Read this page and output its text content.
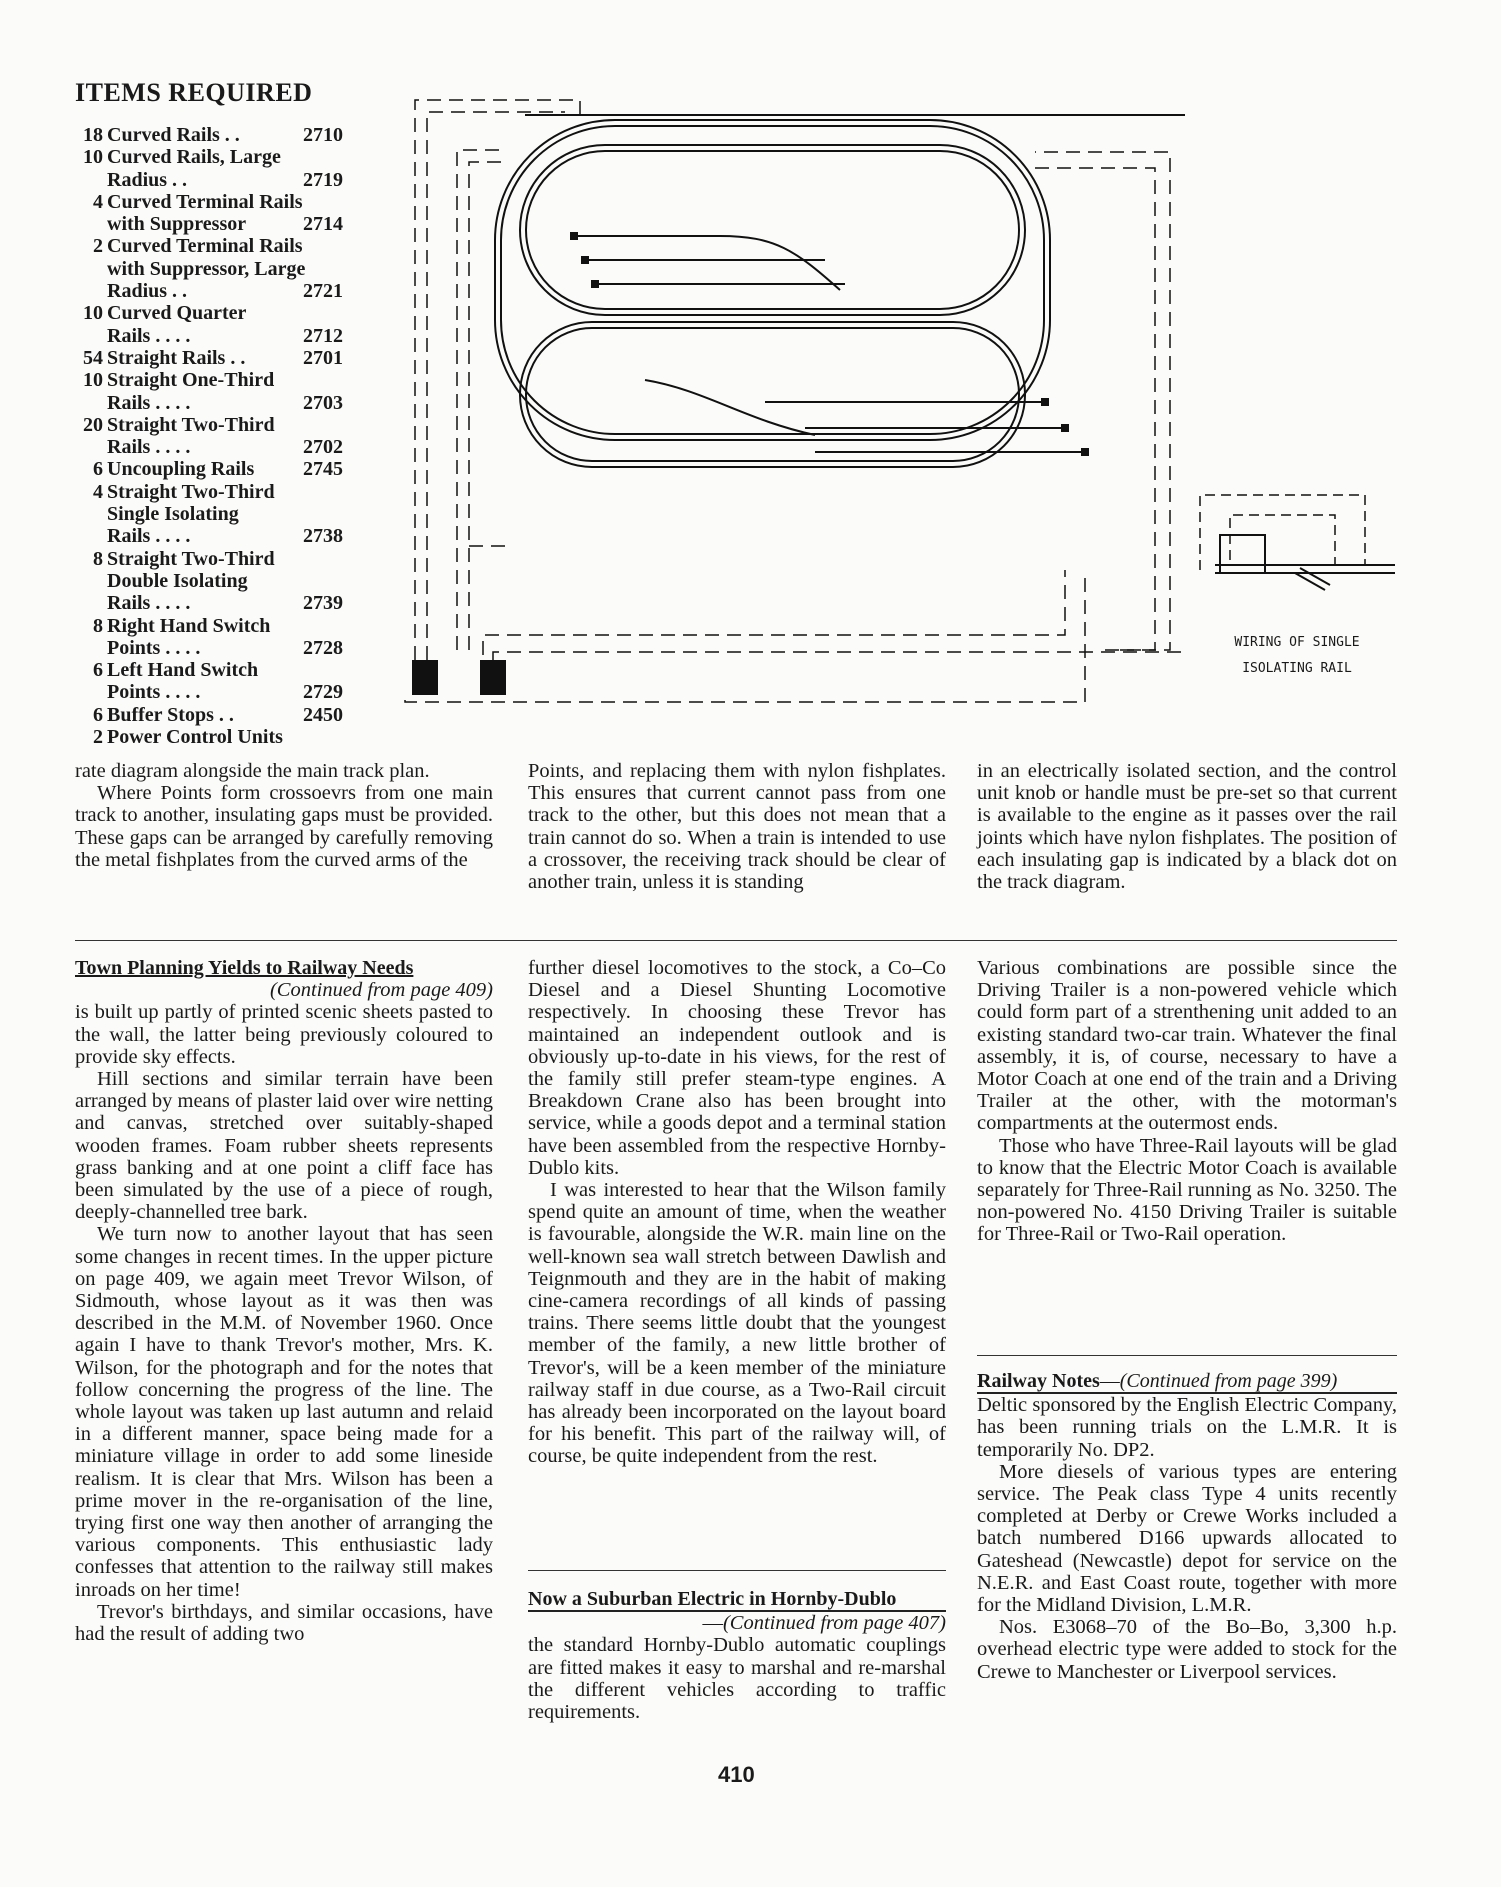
ITEMS REQUIRED
18 Curved Rails . .	2710
10 Curved Rails, Large
Radius . .	2719
4 Curved Terminal Rails
with Suppressor	2714
2 Curved Terminal Rails
with Suppressor, Large
Radius . .	2721
10 Curved Quarter
Rails . . . .	2712
54 Straight Rails . .	2701
10 Straight One-Third
Rails . . . .	2703
20 Straight Two-Third
Rails . . . .	2702
6 Uncoupling Rails 2745
4 Straight Two-Third
Single Isolating
Rails . . . .	2738
8 Straight Two-Third
Double Isolating
Rails . . . .	2739
8 Right Hand Switch
Points . . . .	2728
6 Left Hand Switch
Points . . . .	2729
6 Buffer Stops . .	2450
2 Power Control Units
WIRING OF SINGLE
ISOLATING RAIL

rate diagram alongside the main track plan.

Where Points form crossoevrs from one main track to another, insulating gaps must be provided. These gaps can be arranged by carefully removing the metal fishplates from the curved arms of the

Points, and replacing them with nylon fishplates. This ensures that current cannot pass from one track to the other, but this does not mean that a train cannot do so. When a train is intended to use a crossover, the receiving track should be clear of another train, unless it is standing

in an electrically isolated section, and the control unit knob or handle must be pre-set so that current is available to the engine as it passes over the rail joints which have nylon fishplates. The position of each insulating gap is indicated by a black dot on the track diagram.

Town Planning Yields to Railway Needs
(Continued from page 409)

is built up partly of printed scenic sheets pasted to the wall, the latter being previously coloured to provide sky effects.

Hill sections and similar terrain have been arranged by means of plaster laid over wire netting and canvas, stretched over suitably-shaped wooden frames. Foam rubber sheets represents grass banking and at one point a cliff face has been simulated by the use of a piece of rough, deeply-channelled tree bark.

We turn now to another layout that has seen some changes in recent times. In the upper picture on page 409, we again meet Trevor Wilson, of Sidmouth, whose layout as it was then was described in the M.M. of November 1960. Once again I have to thank Trevor's mother, Mrs. K. Wilson, for the photograph and for the notes that follow concerning the progress of the line. The whole layout was taken up last autumn and relaid in a different manner, space being made for a miniature village in order to add some lineside realism. It is clear that Mrs. Wilson has been a prime mover in the re-organisation of the line, trying first one way then another of arranging the various components. This enthusiastic lady confesses that attention to the railway still makes inroads on her time!

Trevor's birthdays, and similar occasions, have had the result of adding two

further diesel locomotives to the stock, a Co–Co Diesel and a Diesel Shunting Locomotive respectively. In choosing these Trevor has maintained an independent outlook and is obviously up-to-date in his views, for the rest of the family still prefer steam-type engines. A Breakdown Crane also has been brought into service, while a goods depot and a terminal station have been assembled from the respective Hornby-Dublo kits.

I was interested to hear that the Wilson family spend quite an amount of time, when the weather is favourable, alongside the W.R. main line on the well-known sea wall stretch between Dawlish and Teignmouth and they are in the habit of making cine-camera recordings of all kinds of passing trains. There seems little doubt that the youngest member of the family, a new little brother of Trevor's, will be a keen member of the miniature railway staff in due course, as a Two-Rail circuit has already been incorporated on the layout board for his benefit. This part of the railway will, of course, be quite independent from the rest.

Now a Suburban Electric in Hornby-Dublo
—(Continued from page 407)

the standard Hornby-Dublo automatic couplings are fitted makes it easy to marshal and re-marshal the different vehicles according to traffic requirements.

Various combinations are possible since the Driving Trailer is a non-powered vehicle which could form part of a strenthening unit added to an existing standard two-car train. Whatever the final assembly, it is, of course, necessary to have a Motor Coach at one end of the train and a Driving Trailer at the other, with the motorman's compartments at the outermost ends.

Those who have Three-Rail layouts will be glad to know that the Electric Motor Coach is available separately for Three-Rail running as No. 3250. The non-powered No. 4150 Driving Trailer is suitable for Three-Rail or Two-Rail operation.

Railway Notes—(Continued from page 399)

Deltic sponsored by the English Electric Company, has been running trials on the L.M.R. It is temporarily No. DP2.

More diesels of various types are entering service. The Peak class Type 4 units recently completed at Derby or Crewe Works included a batch numbered D166 upwards allocated to Gateshead (Newcastle) depot for service on the N.E.R. and East Coast route, together with more for the Midland Division, L.M.R.

Nos. E3068–70 of the Bo–Bo, 3,300 h.p. overhead electric type were added to stock for the Crewe to Manchester or Liverpool services.

410
